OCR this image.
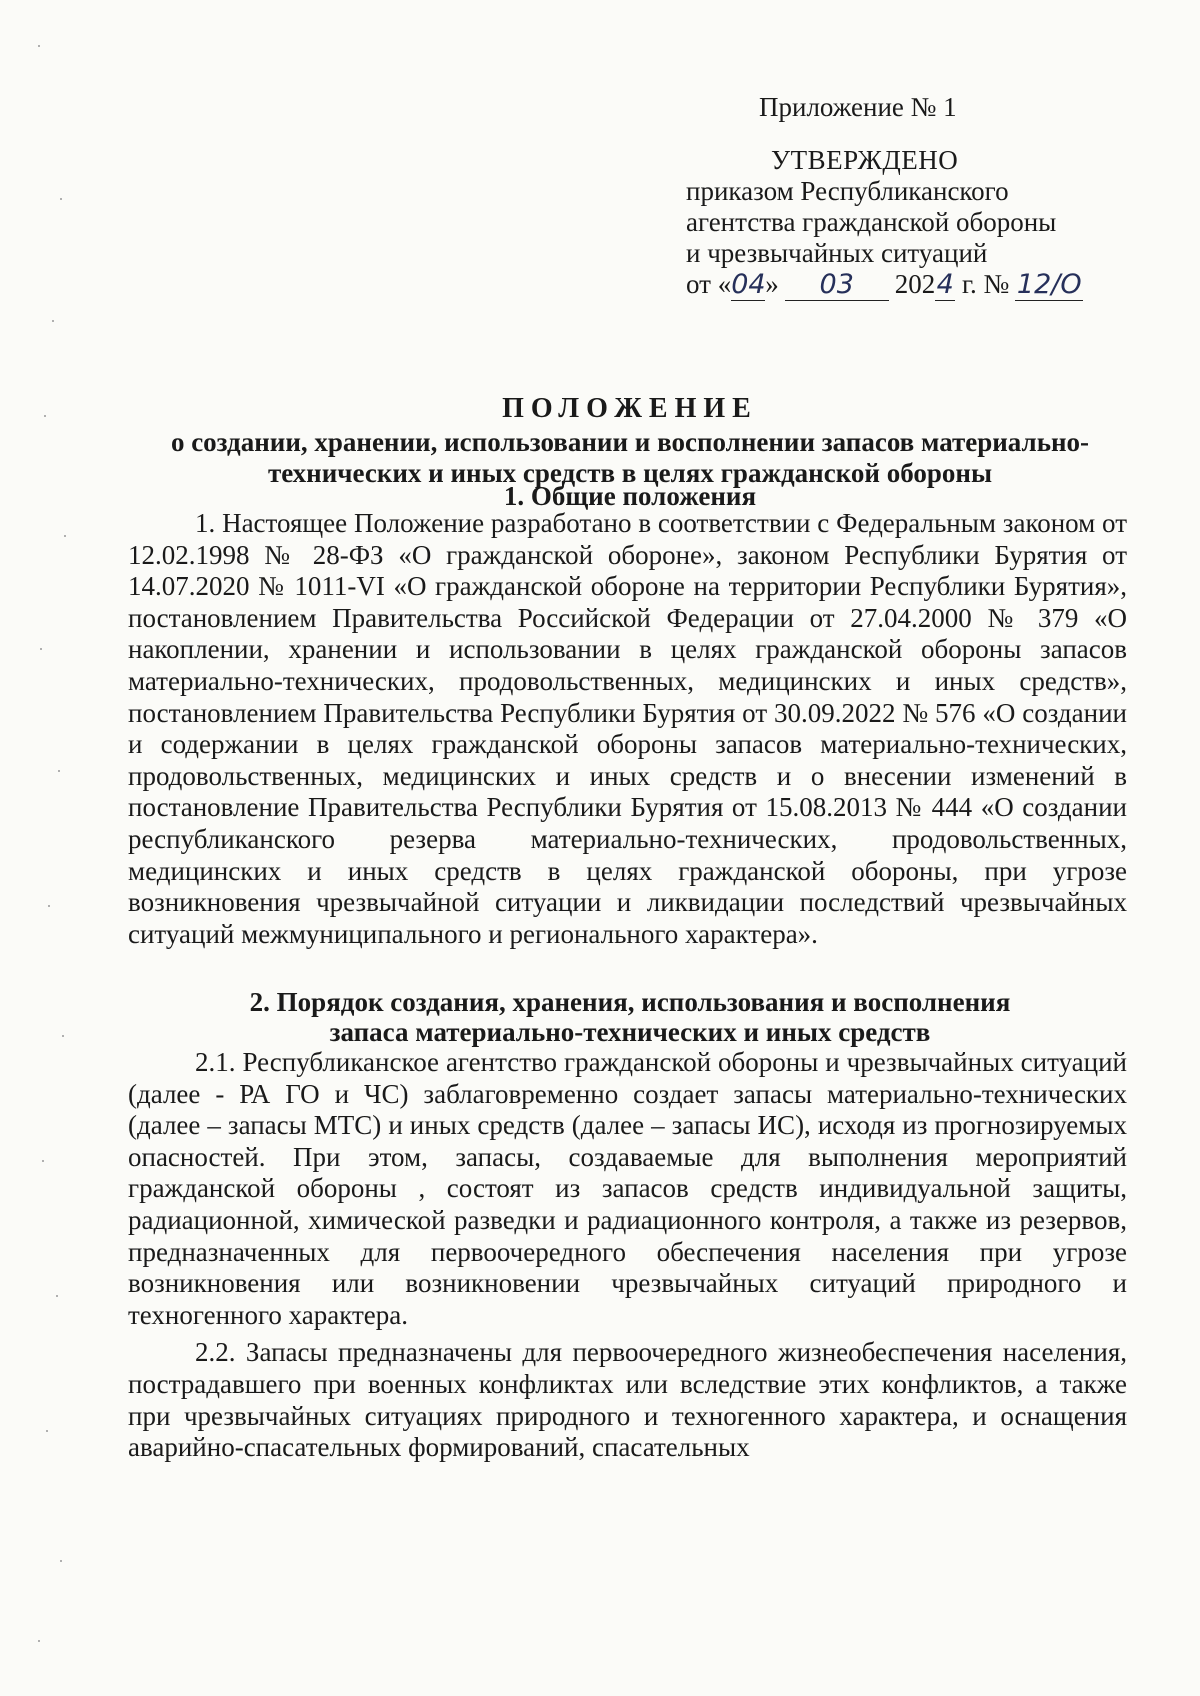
Приложение № 1
УТВЕРЖДЕНО
приказом Республиканского
агентства гражданской обороны
и чрезвычайных ситуаций
от «04» 03 2024 г. № 12/О
ПОЛОЖЕНИЕ
о создании, хранении, использовании и восполнении запасов материально-технических и иных средств в целях гражданской обороны
1. Общие положения

1. Настоящее Положение разработано в соответствии с Федеральным законом от 12.02.1998 № 28-ФЗ «О гражданской обороне», законом Республики Бурятия от 14.07.2020 № 1011-VI «О гражданской обороне на территории Республики Бурятия», постановлением Правительства Российской Федерации от 27.04.2000 № 379 «О накоплении, хранении и использовании в целях гражданской обороны запасов материально-технических, продовольственных, медицинских и иных средств», постановлением Правительства Республики Бурятия от 30.09.2022 № 576 «О создании и содержании в целях гражданской обороны запасов материально-технических, продовольственных, медицинских и иных средств и о внесении изменений в постановление Правительства Республики Бурятия от 15.08.2013 № 444 «О создании республиканского резерва материально-технических, продовольственных, медицинских и иных средств в целях гражданской обороны, при угрозе возникновения чрезвычайной ситуации и ликвидации последствий чрезвычайных ситуаций межмуниципального и регионального характера».

2. Порядок создания, хранения, использования и восполнения
запаса материально-технических и иных средств

2.1. Республиканское агентство гражданской обороны и чрезвычайных ситуаций (далее - РА ГО и ЧС) заблаговременно создает запасы материально-технических (далее – запасы МТС) и иных средств (далее – запасы ИС), исходя из прогнозируемых опасностей. При этом, запасы, создаваемые для выполнения мероприятий гражданской обороны , состоят из запасов средств индивидуальной защиты, радиационной, химической разведки и радиационного контроля, а также из резервов, предназначенных для первоочередного обеспечения населения при угрозе возникновения или возникновении чрезвычайных ситуаций природного и техногенного характера.

2.2. Запасы предназначены для первоочередного жизнеобеспечения населения, пострадавшего при военных конфликтах или вследствие этих конфликтов, а также при чрезвычайных ситуациях природного и техногенного характера, и оснащения аварийно-спасательных формирований, спасательных
